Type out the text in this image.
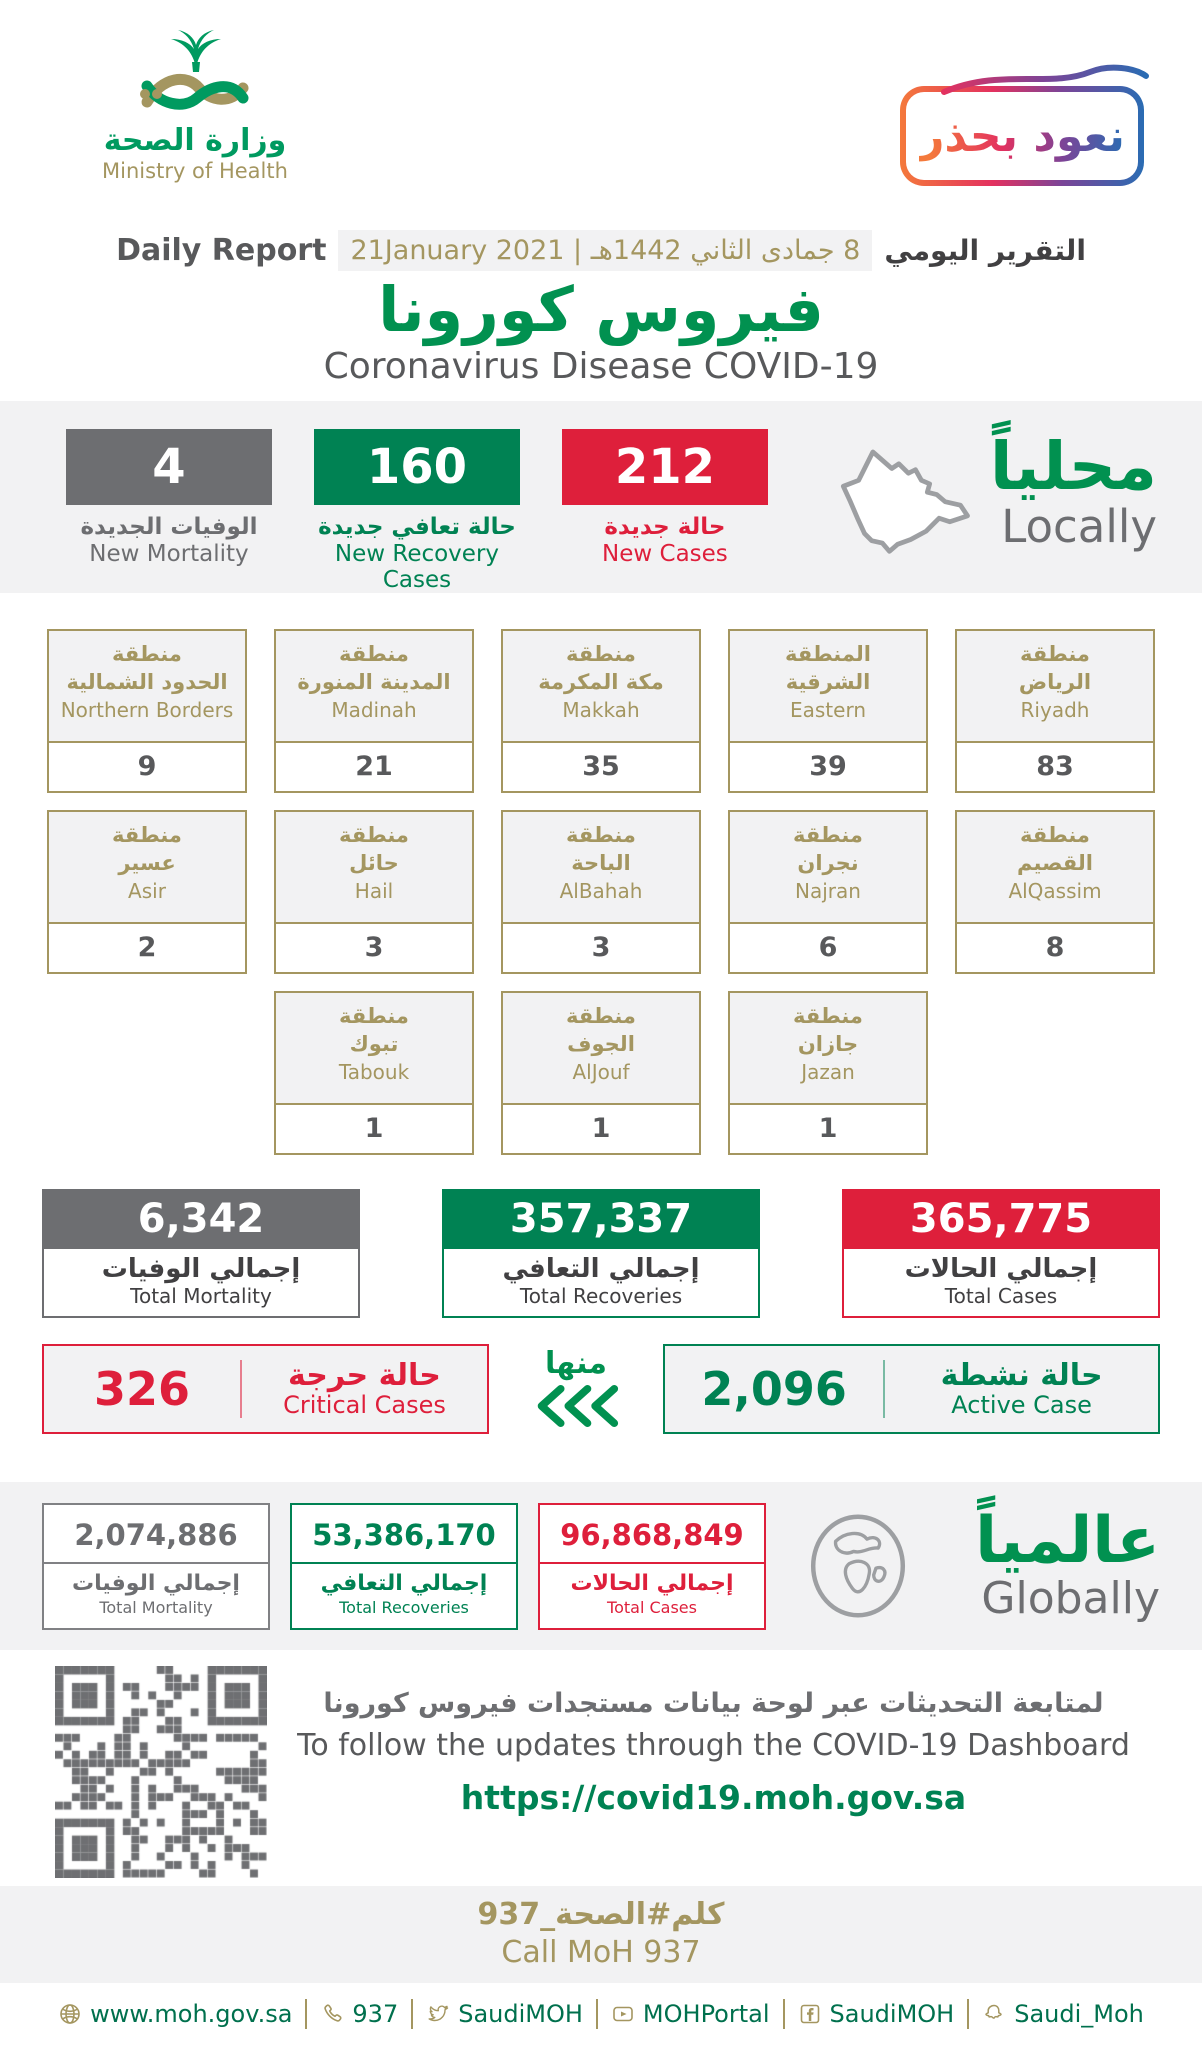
وزارة الصحة
Ministry of Health
نعود بحذر
Daily Report 8 جمادى الثاني 1442هـ | 21January 2021 التقرير اليومي
فيروس كورونا
Coronavirus Disease COVID-19
4
الوفيات الجديدة
New Mortality
160
حالة تعافي جديدة
New Recovery Cases
212
حالة جديدة
New Cases
محلياً
Locally
منطقة
الحدود الشمالية
Northern Borders
9
منطقة
المدينة المنورة
Madinah
21
منطقة
مكة المكرمة
Makkah
35
المنطقة
الشرقية
Eastern
39
منطقة
الرياض
Riyadh
83
منطقة
عسير
Asir
2
منطقة
حائل
Hail
3
منطقة
الباحة
AlBahah
3
منطقة
نجران
Najran
6
منطقة
القصيم
AlQassim
8
منطقة
تبوك
Tabouk
1
منطقة
الجوف
AlJouf
1
منطقة
جازان
Jazan
1
6,342
إجمالي الوفيات
Total Mortality
357,337
إجمالي التعافي
Total Recoveries
365,775
إجمالي الحالات
Total Cases
326	حالة حرجة
Critical Cases
منها	2,096	حالة نشطة
Active Case
2,074,886
إجمالي الوفيات
Total Mortality
53,386,170
إجمالي التعافي
Total Recoveries
96,868,849
إجمالي الحالات
Total Cases
عالمياً
Globally
لمتابعة التحديثات عبر لوحة بيانات مستجدات فيروس كورونا
To follow the updates through the COVID-19 Dashboard
https://covid19.moh.gov.sa
كلم#الصحة_937
Call MoH 937
www.moh.gov.sa	937	SaudiMOH	MOHPortal	SaudiMOH	Saudi_Moh
